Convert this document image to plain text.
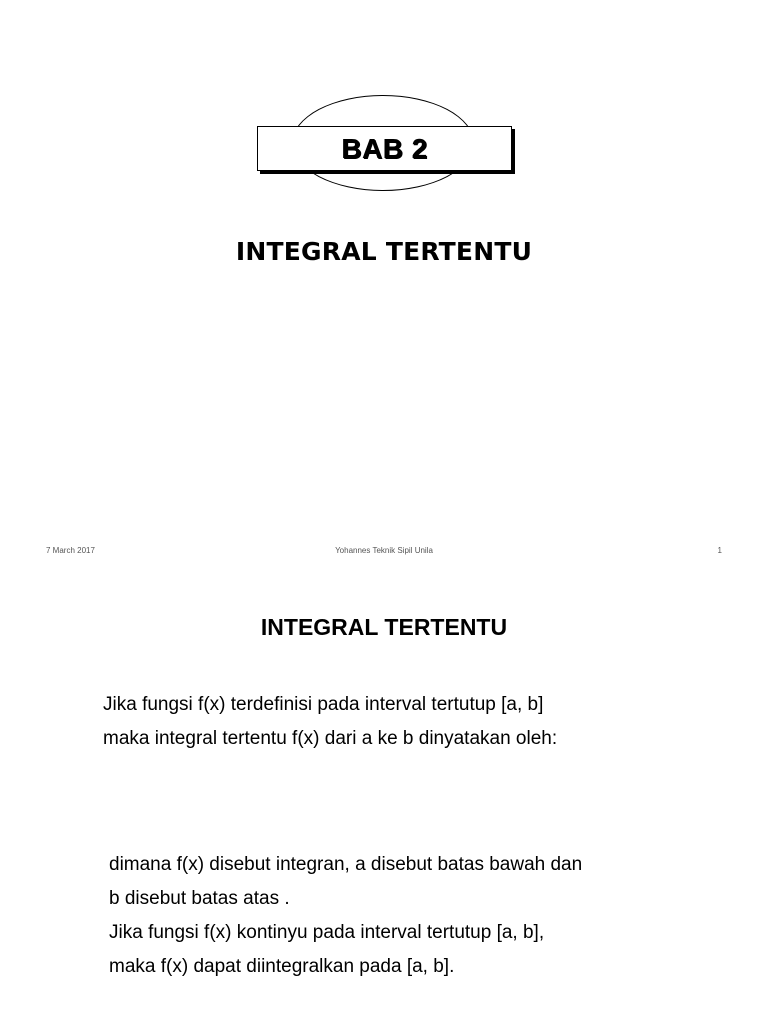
BAB 2
INTEGRAL TERTENTU
7 March 2017	Yohannes Teknik Sipil Unila	1
INTEGRAL TERTENTU

Jika fungsi f(x) terdefinisi pada interval tertutup [a, b]
maka integral tertentu f(x) dari a ke b dinyatakan oleh:

dimana f(x) disebut integran, a disebut batas bawah dan
b disebut batas atas .
Jika fungsi f(x) kontinyu pada interval tertutup [a, b],
maka f(x) dapat diintegralkan pada [a, b].
